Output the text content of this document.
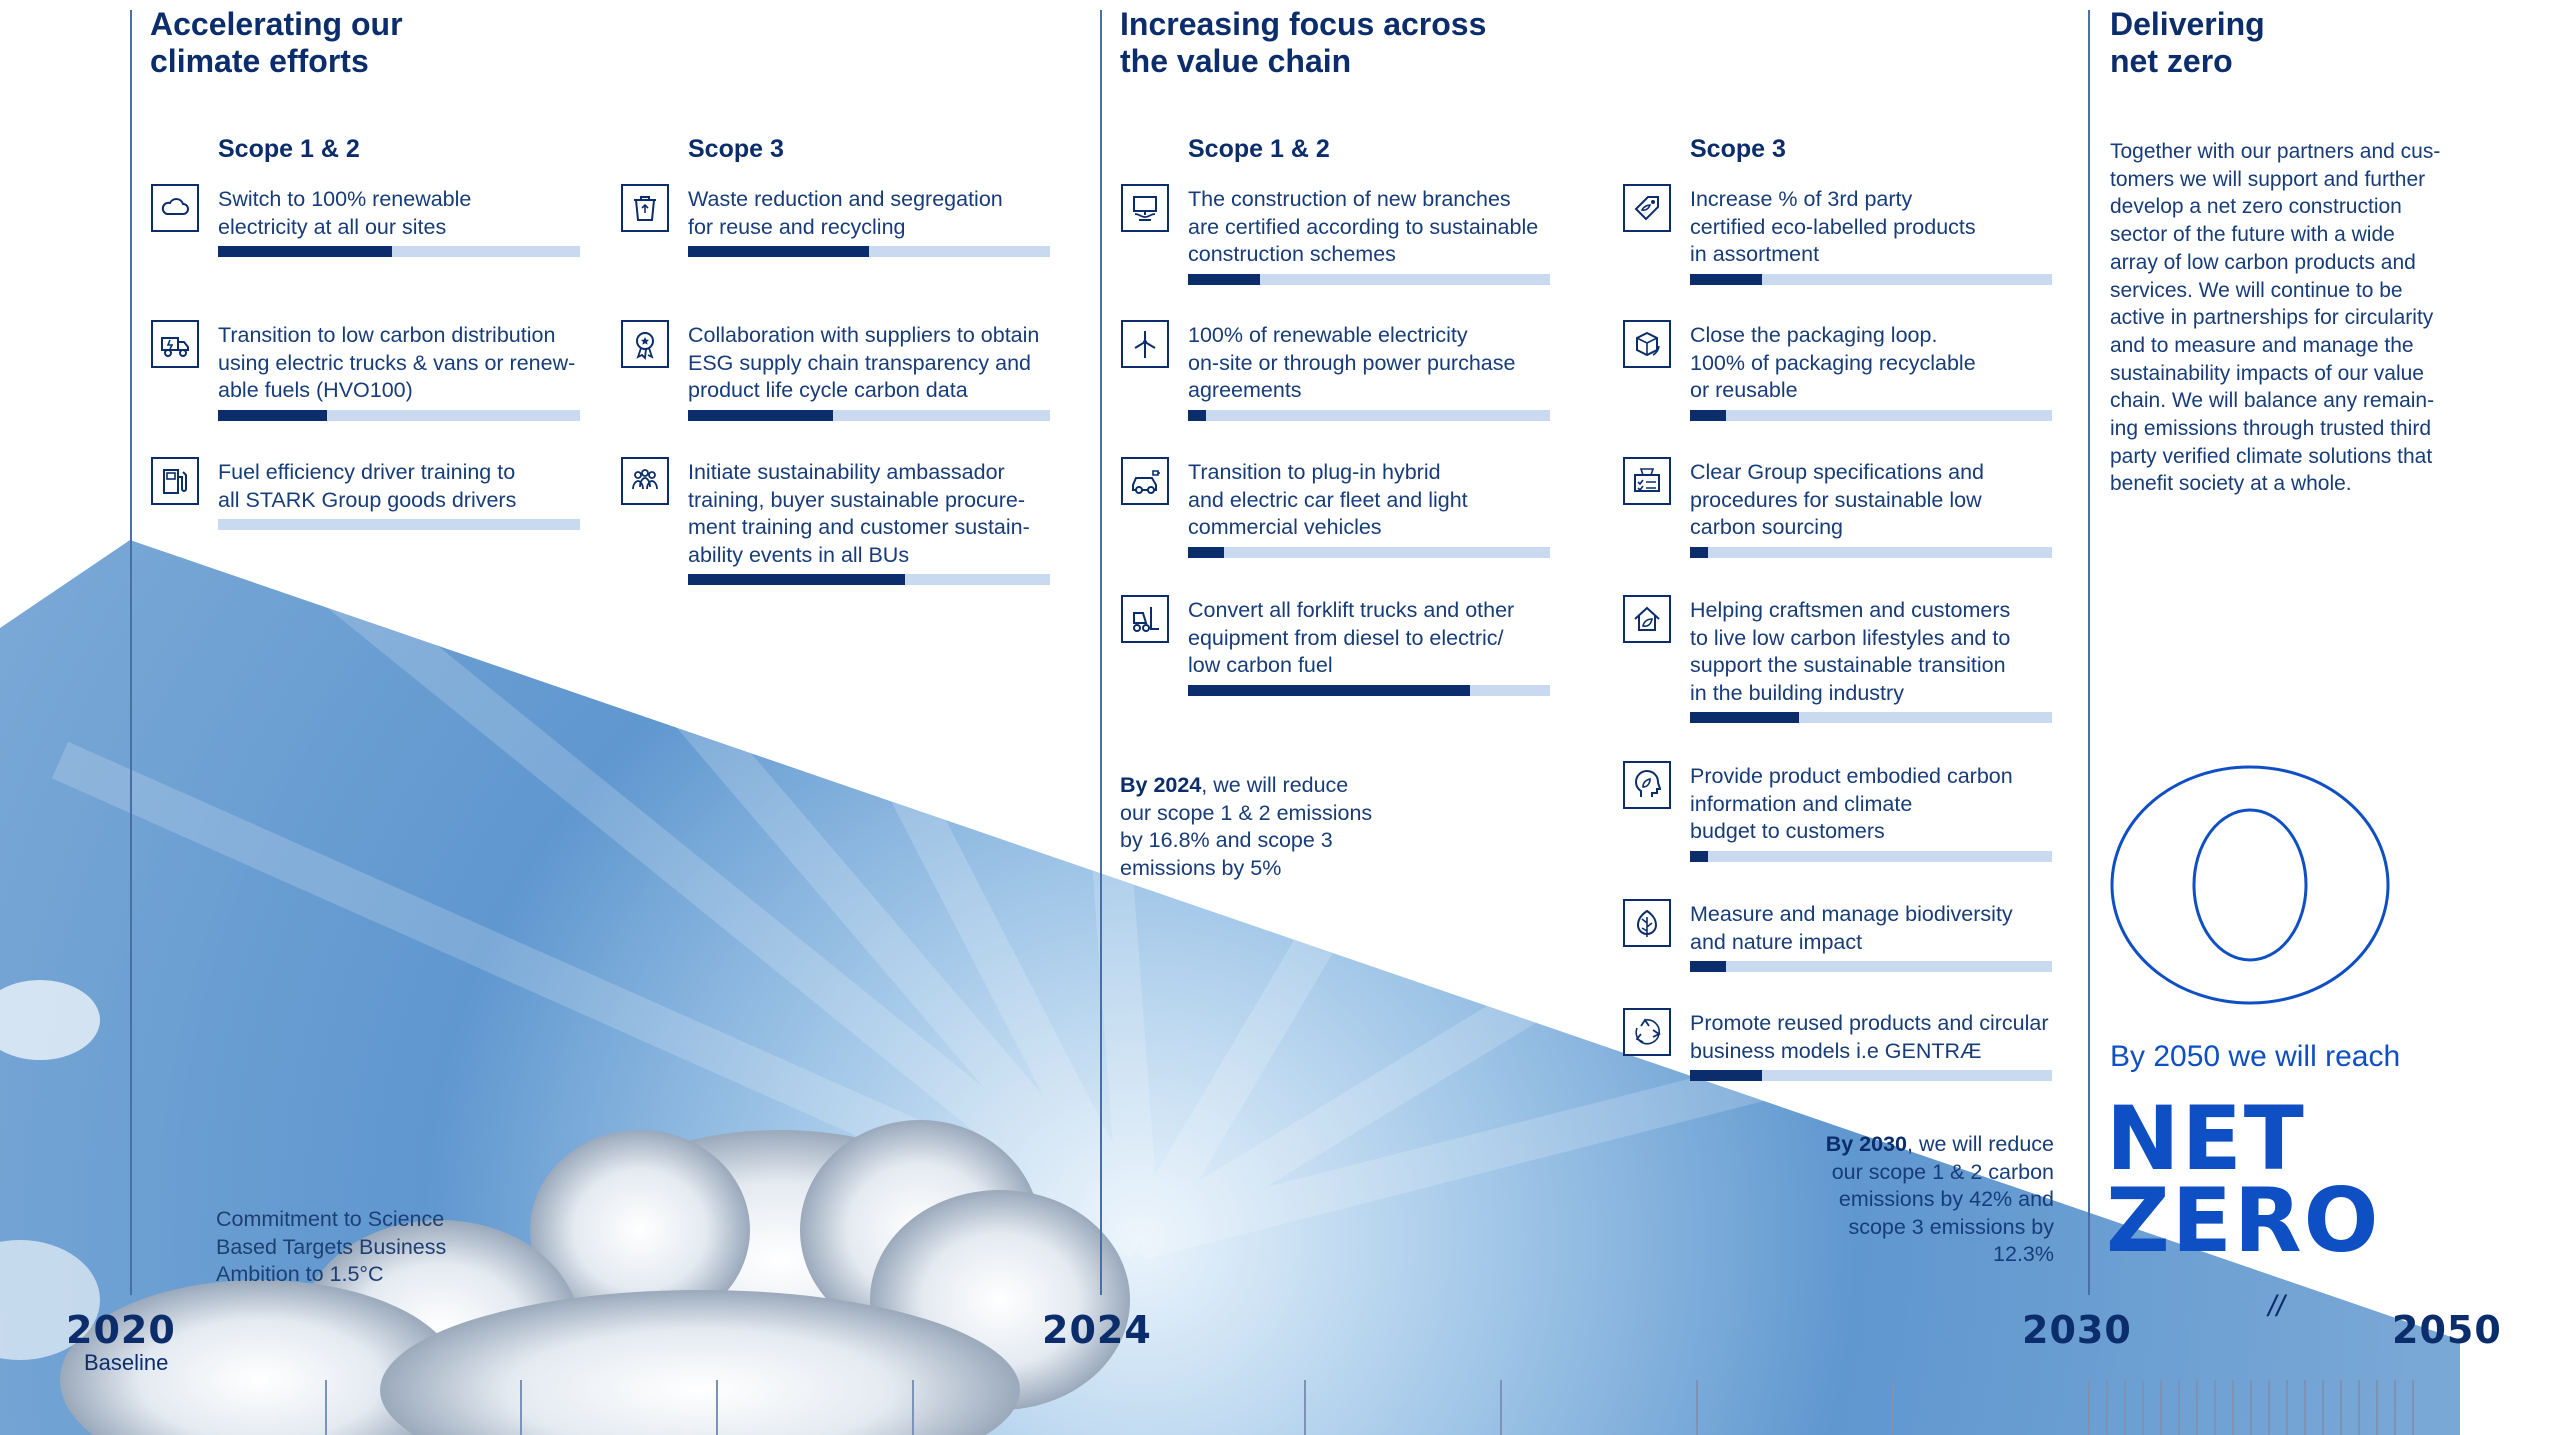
Accelerating our
climate efforts
Increasing focus across
the value chain
Delivering
net zero
Scope 1 & 2	Scope 3	Scope 1 & 2	Scope 3
Switch to 100% renewable
electricity at all our sites
Transition to low carbon distribution
using electric trucks & vans or renew-
able fuels (HVO100)
Fuel efficiency driver training to
all STARK Group goods drivers
Waste reduction and segregation
for reuse and recycling
Collaboration with suppliers to obtain
ESG supply chain transparency and
product life cycle carbon data
Initiate sustainability ambassador
training, buyer sustainable procure-
ment training and customer sustain-
ability events in all BUs
The construction of new branches
are certified according to sustainable
construction schemes
100% of renewable electricity
on-site or through power purchase
agreements
Transition to plug-in hybrid
and electric car fleet and light
commercial vehicles
Convert all forklift trucks and other
equipment from diesel to electric/
low carbon fuel
Increase % of 3rd party
certified eco-labelled products
in assortment
Close the packaging loop.
100% of packaging recyclable
or reusable
Clear Group specifications and
procedures for sustainable low
carbon sourcing
Helping craftsmen and customers
to live low carbon lifestyles and to
support the sustainable transition
in the building industry
Provide product embodied carbon
information and climate
budget to customers
Measure and manage biodiversity
and nature impact
Promote reused products and circular
business models i.e GENTRÆ
By 2024, we will reduce
our scope 1 & 2 emissions
by 16.8% and scope 3
emissions by 5%
By 2030, we will reduce
our scope 1 & 2 carbon
emissions by 42% and
scope 3 emissions by
12.3%
Commitment to Science
Based Targets Business
Ambition to 1.5°C
Together with our partners and cus-
tomers we will support and further
develop a net zero construction
sector of the future with a wide
array of low carbon products and
services. We will continue to be
active in partnerships for circularity
and to measure and manage the
sustainability impacts of our value
chain. We will balance any remain-
ing emissions through trusted third
party verified climate solutions that
benefit society at a whole.
By 2050 we will reach
NET
ZERO
2020
Baseline
2024	2030	2050
//
